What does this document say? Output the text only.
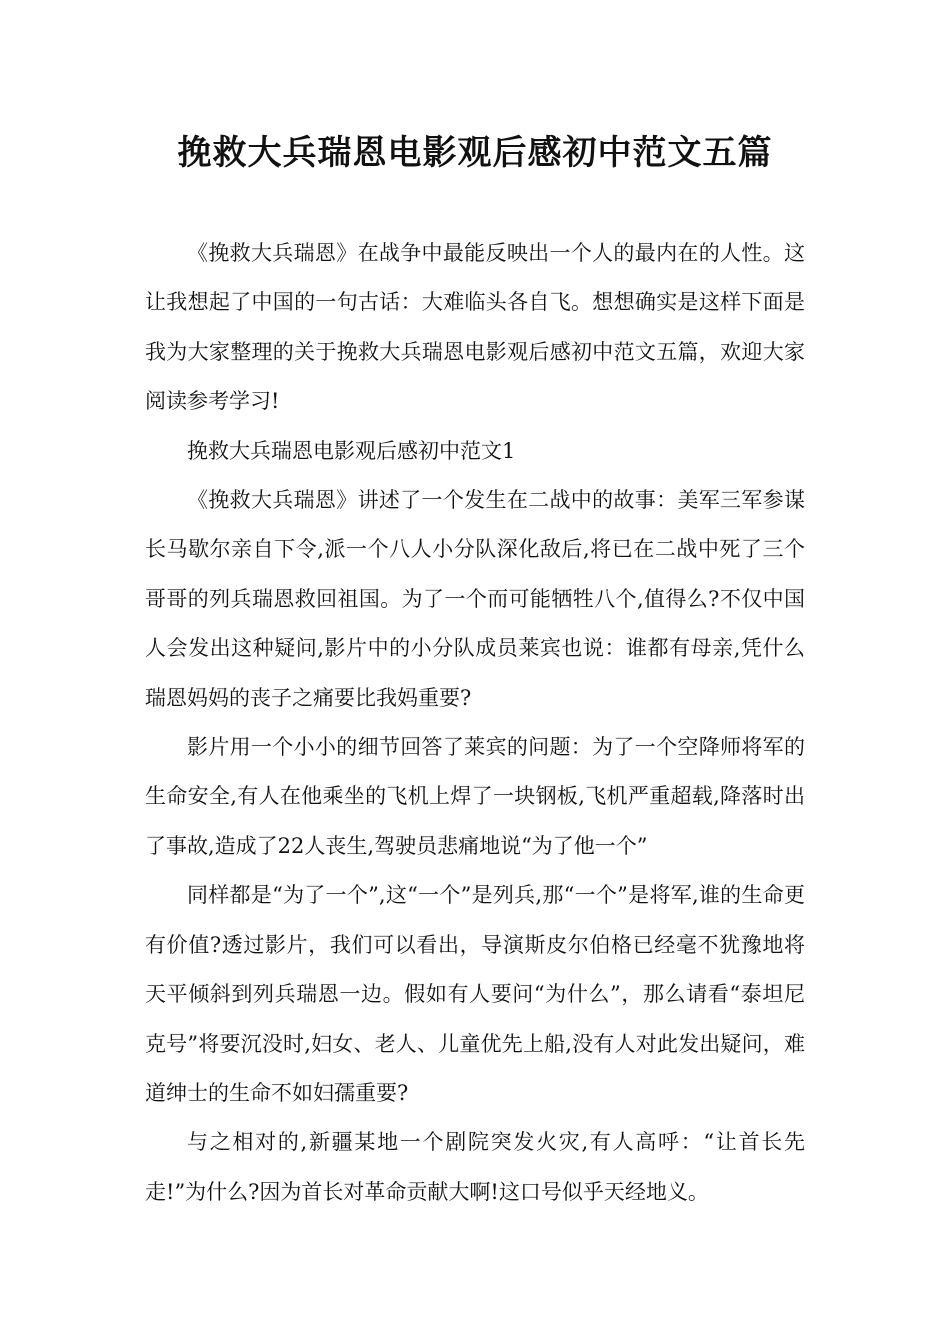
挽救大兵瑞恩电影观后感初中范文五篇

《挽救大兵瑞恩》在战争中最能反映出一个人的最内在的人性。这让我想起了中国的一句古话：大难临头各自飞。想想确实是这样下面是我为大家整理的关于挽救大兵瑞恩电影观后感初中范文五篇，欢迎大家阅读参考学习!

挽救大兵瑞恩电影观后感初中范文1

《挽救大兵瑞恩》讲述了一个发生在二战中的故事：美军三军参谋长马歇尔亲自下令,派一个八人小分队深化敌后,将已在二战中死了三个哥哥的列兵瑞恩救回祖国。为了一个而可能牺牲八个,值得么?不仅中国人会发出这种疑问,影片中的小分队成员莱宾也说：谁都有母亲,凭什么瑞恩妈妈的丧子之痛要比我妈重要?

影片用一个小小的细节回答了莱宾的问题：为了一个空降师将军的生命安全,有人在他乘坐的飞机上焊了一块钢板,飞机严重超载,降落时出了事故,造成了22人丧生,驾驶员悲痛地说“为了他一个”

同样都是“为了一个”,这“一个”是列兵,那“一个”是将军,谁的生命更有价值?透过影片，我们可以看出，导演斯皮尔伯格已经毫不犹豫地将天平倾斜到列兵瑞恩一边。假如有人要问“为什么”，那么请看“泰坦尼克号”将要沉没时,妇女、老人、儿童优先上船,没有人对此发出疑问，难道绅士的生命不如妇孺重要?

与之相对的,新疆某地一个剧院突发火灾,有人高呼：“让首长先走!”为什么?因为首长对革命贡献大啊!这口号似乎天经地义。
